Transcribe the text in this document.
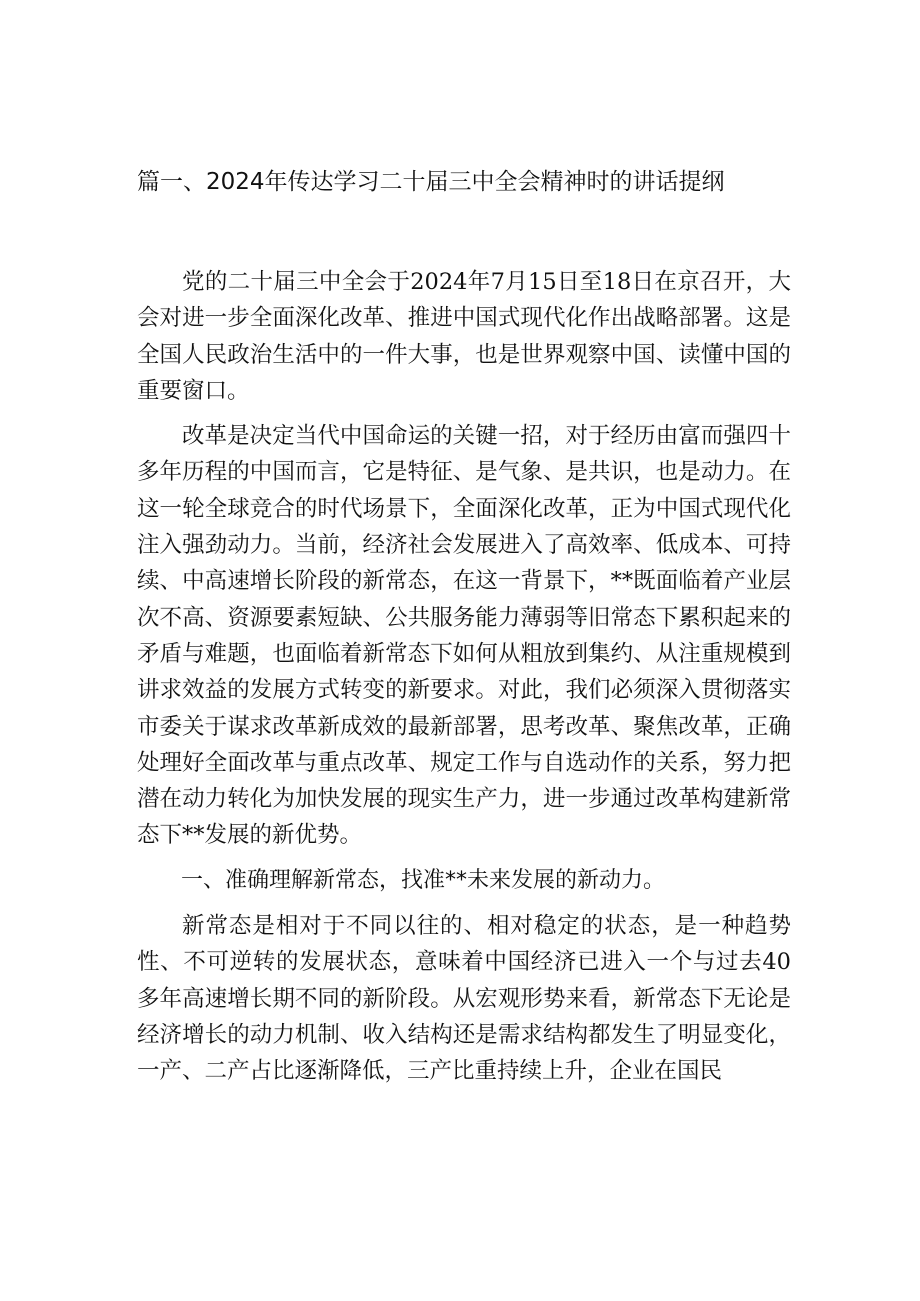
篇一、2024年传达学习二十届三中全会精神时的讲话提纲

党的二十届三中全会于2024年7月15日至18日在京召开，大会对进一步全面深化改革、推进中国式现代化作出战略部署。这是全国人民政治生活中的一件大事，也是世界观察中国、读懂中国的重要窗口。

改革是决定当代中国命运的关键一招，对于经历由富而强四十多年历程的中国而言，它是特征、是气象、是共识，也是动力。在这一轮全球竞合的时代场景下，全面深化改革，正为中国式现代化注入强劲动力。当前，经济社会发展进入了高效率、低成本、可持续、中高速增长阶段的新常态，在这一背景下，**既面临着产业层次不高、资源要素短缺、公共服务能力薄弱等旧常态下累积起来的矛盾与难题，也面临着新常态下如何从粗放到集约、从注重规模到讲求效益的发展方式转变的新要求。对此，我们必须深入贯彻落实市委关于谋求改革新成效的最新部署，思考改革、聚焦改革，正确处理好全面改革与重点改革、规定工作与自选动作的关系，努力把潜在动力转化为加快发展的现实生产力，进一步通过改革构建新常态下**发展的新优势。

一、准确理解新常态，找准**未来发展的新动力。

新常态是相对于不同以往的、相对稳定的状态，是一种趋势性、不可逆转的发展状态，意味着中国经济已进入一个与过去40多年高速增长期不同的新阶段。从宏观形势来看，新常态下无论是经济增长的动力机制、收入结构还是需求结构都发生了明显变化，一产、二产占比逐渐降低，三产比重持续上升，企业在国民
